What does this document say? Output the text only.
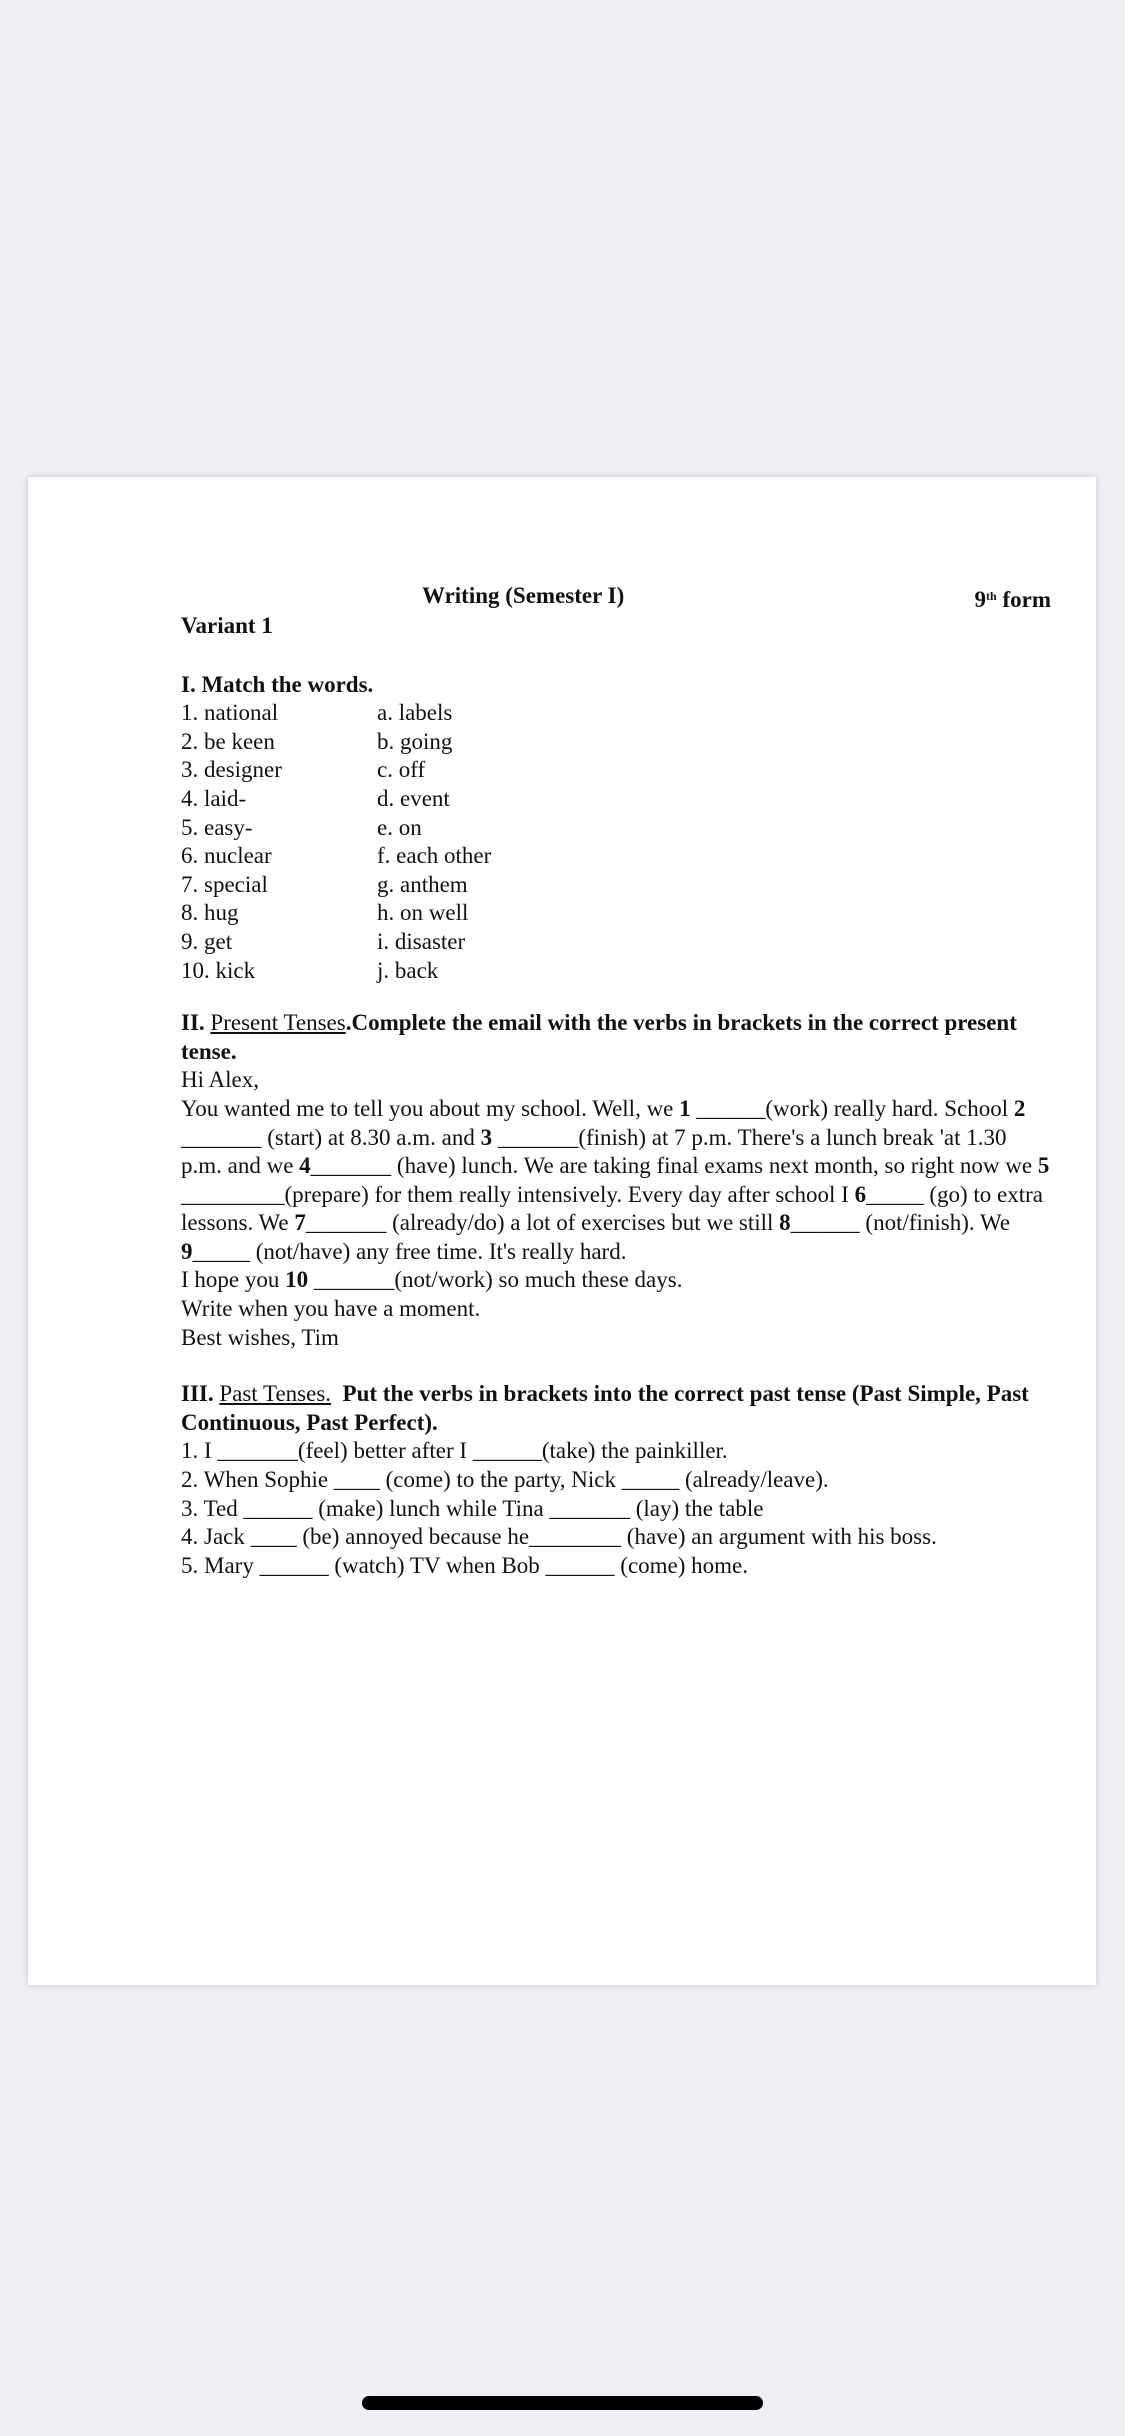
Writing (Semester I)	9th form
Variant 1
I. Match the words.
1. national	a. labels
2. be keen	b. going
3. designer	c. off
4. laid-	d. event
5. easy-	e. on
6. nuclear	f. each other
7. special	g. anthem
8. hug	h. on well
9. get	i. disaster
10. kick	j. back

II. Present Tenses.Complete the email with the verbs in brackets in the correct present tense.

Hi Alex,

You wanted me to tell you about my school. Well, we 1 ______(work) really hard. School 2 _______ (start) at 8.30 a.m. and 3 _______(finish) at 7 p.m. There's a lunch break 'at 1.30 p.m. and we 4_______ (have) lunch. We are taking final exams next month, so right now we 5 _________(prepare) for them really intensively. Every day after school I 6_____ (go) to extra lessons. We 7_______ (already/do) a lot of exercises but we still 8______ (not/finish). We 9_____ (not/have) any free time. It's really hard.

I hope you 10 _______(not/work) so much these days.

Write when you have a moment.

Best wishes, Tim

III. Past Tenses.  Put the verbs in brackets into the correct past tense (Past Simple, Past Continuous, Past Perfect).

1. I _______(feel) better after I ______(take) the painkiller.

2. When Sophie ____ (come) to the party, Nick _____ (already/leave).

3. Ted ______ (make) lunch while Tina _______ (lay) the table

4. Jack ____ (be) annoyed because he________ (have) an argument with his boss.

5. Mary ______ (watch) TV when Bob ______ (come) home.
